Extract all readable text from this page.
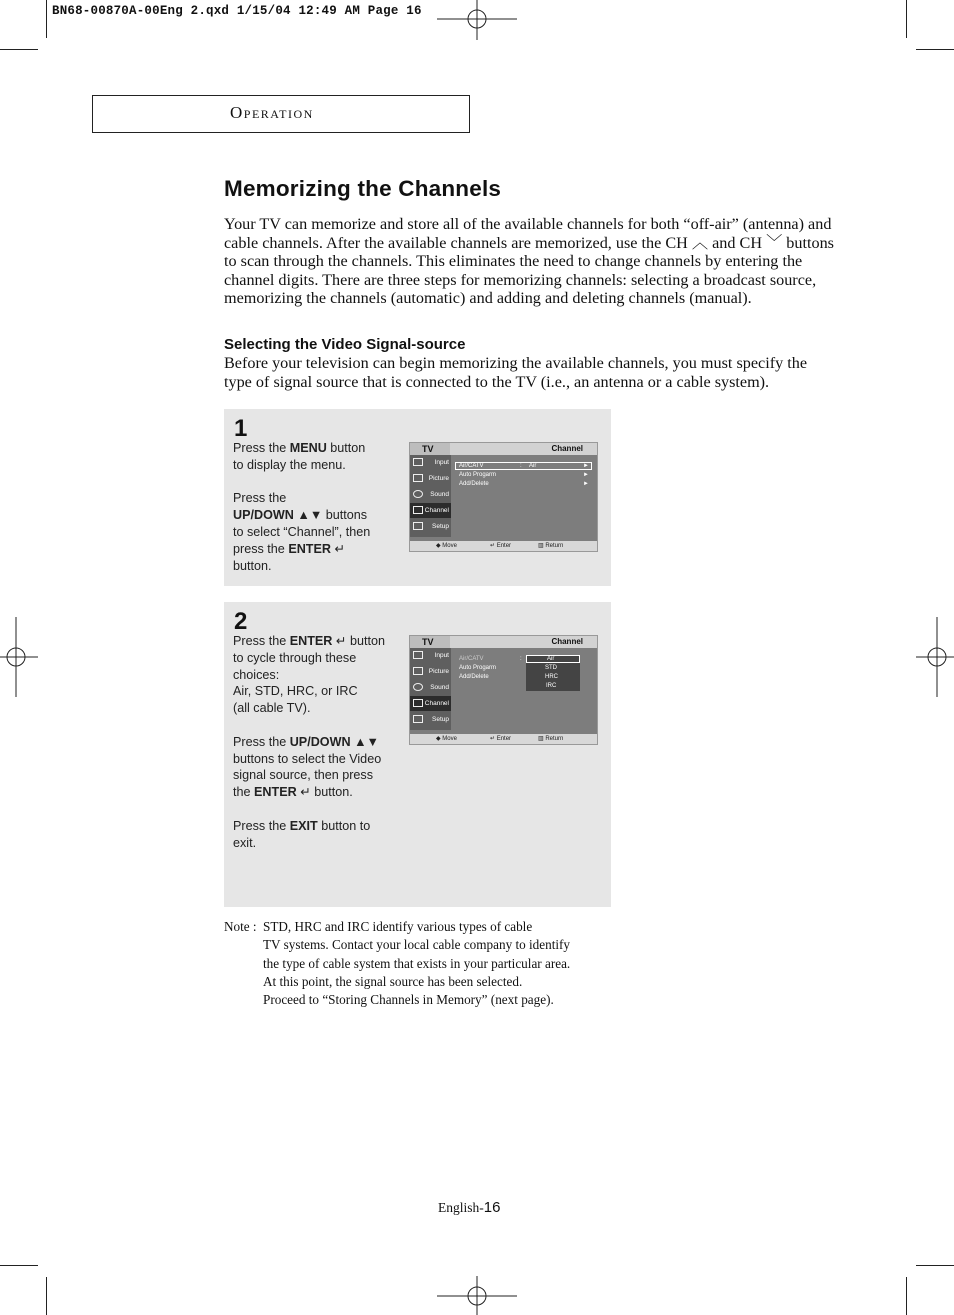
BN68-00870A-00Eng 2.qxd 1/15/04 12:49 AM Page 16
Operation
Memorizing the Channels
Your TV can memorize and store all of the available channels for both “off-air” (antenna) and cable channels. After the available channels are memorized, use the CH ︿ and CH ﹀ buttons to scan through the channels. This eliminates the need to change channels by entering the channel digits. There are three steps for memorizing channels: selecting a broadcast source, memorizing the channels (automatic) and adding and deleting channels (manual).
Selecting the Video Signal-source
Before your television can begin memorizing the available channels, you must specify the type of signal source that is connected to the TV (i.e., an antenna or a cable system).
1

Press the MENU button

to display the menu.

Press the

UP/DOWN ▲▼ buttons

to select “Channel”, then

press the ENTER ↵

button.

TV	Channel
Input
Picture
Sound
Channel
Setup
Air/CATV	: Air	►
Auto Progarm	►
Add/Delete	►
◆ Move	↵ Enter	▥ Return
2

Press the ENTER ↵ button

to cycle through these

choices:

Air, STD, HRC, or IRC

(all cable TV).

Press the UP/DOWN ▲▼

buttons to select the Video

signal source, then press

the ENTER ↵ button.

Press the EXIT button to

exit.

TV	Channel
Input
Picture
Sound
Channel
Setup
Air/CATV	:
Auto Progarm
Add/Delete
Air
STD
HRC
IRC
◆ Move	↵ Enter	▥ Return
Note : STD, HRC and IRC identify various types of cable
TV systems. Contact your local cable company to identify
the type of cable system that exists in your particular area.
At this point, the signal source has been selected.
Proceed to “Storing Channels in Memory” (next page).
English-16
